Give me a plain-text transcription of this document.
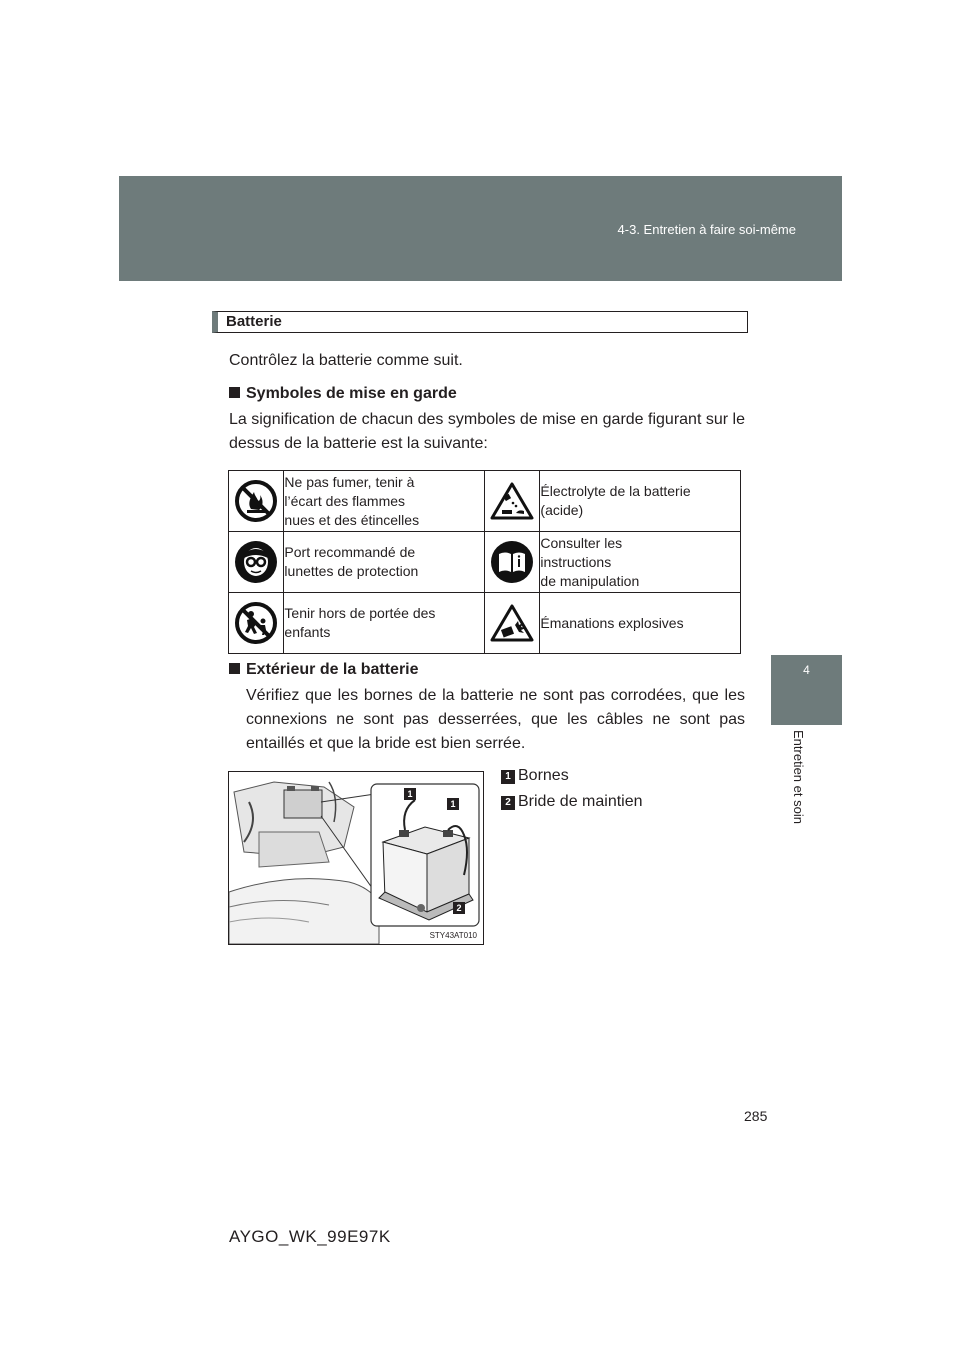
4-3. Entretien à faire soi-même
4
Entretien et soin
Batterie
Contrôlez la batterie comme suit.
Symboles de mise en garde
La signification de chacun des symboles de mise en garde figurant sur le dessus de la batterie est la suivante:
	Ne pas fumer, tenir à
l’écart des flammes
nues et des étincelles		Électrolyte de la batterie
(acide)

	Port recommandé de
lunettes de protection		Consulter les
instructions
de manipulation

	Tenir hors de portée des
enfants		Émanations explosives
Extérieur de la batterie
Vérifiez que les bornes de la batterie ne sont pas corrodées, que les connexions ne sont pas desserrées, que les câbles ne sont pas entaillés et que la bride est bien serrée.
1
1
2
STY43AT010
1 Bornes
2 Bride de maintien
285
AYGO_WK_99E97K
